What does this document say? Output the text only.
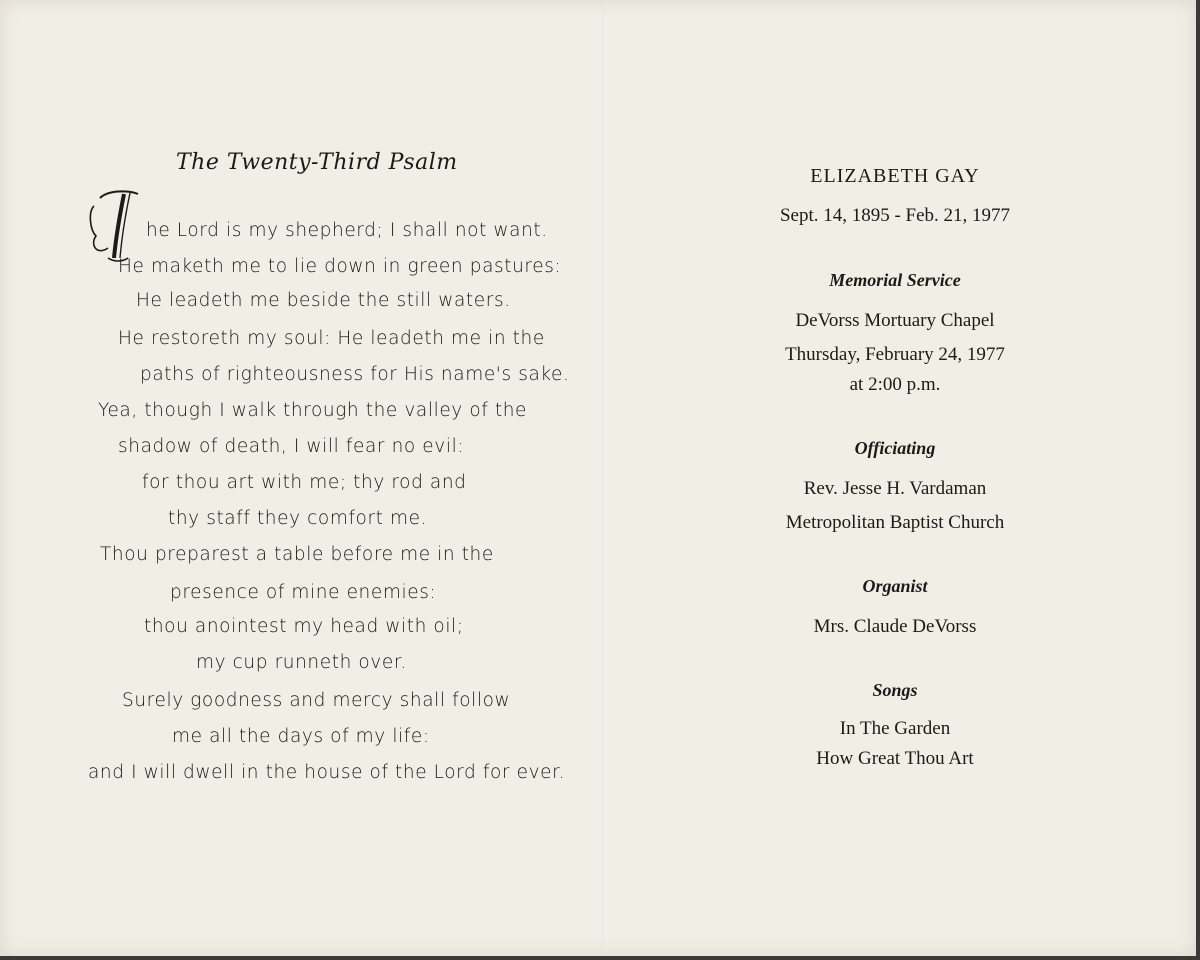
The Twenty-Third Psalm
he Lord is my shepherd; I shall not want.
He maketh me to lie down in green pastures:
He leadeth me beside the still waters.
He restoreth my soul: He leadeth me in the
paths of righteousness for His name's sake.
Yea, though I walk through the valley of the
shadow of death, I will fear no evil:
for thou art with me; thy rod and
thy staff they comfort me.
Thou preparest a table before me in the
presence of mine enemies:
thou anointest my head with oil;
my cup runneth over.
Surely goodness and mercy shall follow
me all the days of my life:
and I will dwell in the house of the Lord for ever.
ELIZABETH GAY
Sept. 14, 1895 - Feb. 21, 1977
Memorial Service
DeVorss Mortuary Chapel
Thursday, February 24, 1977
at 2:00 p.m.
Officiating
Rev. Jesse H. Vardaman
Metropolitan Baptist Church
Organist
Mrs. Claude DeVorss
Songs
In The Garden
How Great Thou Art
